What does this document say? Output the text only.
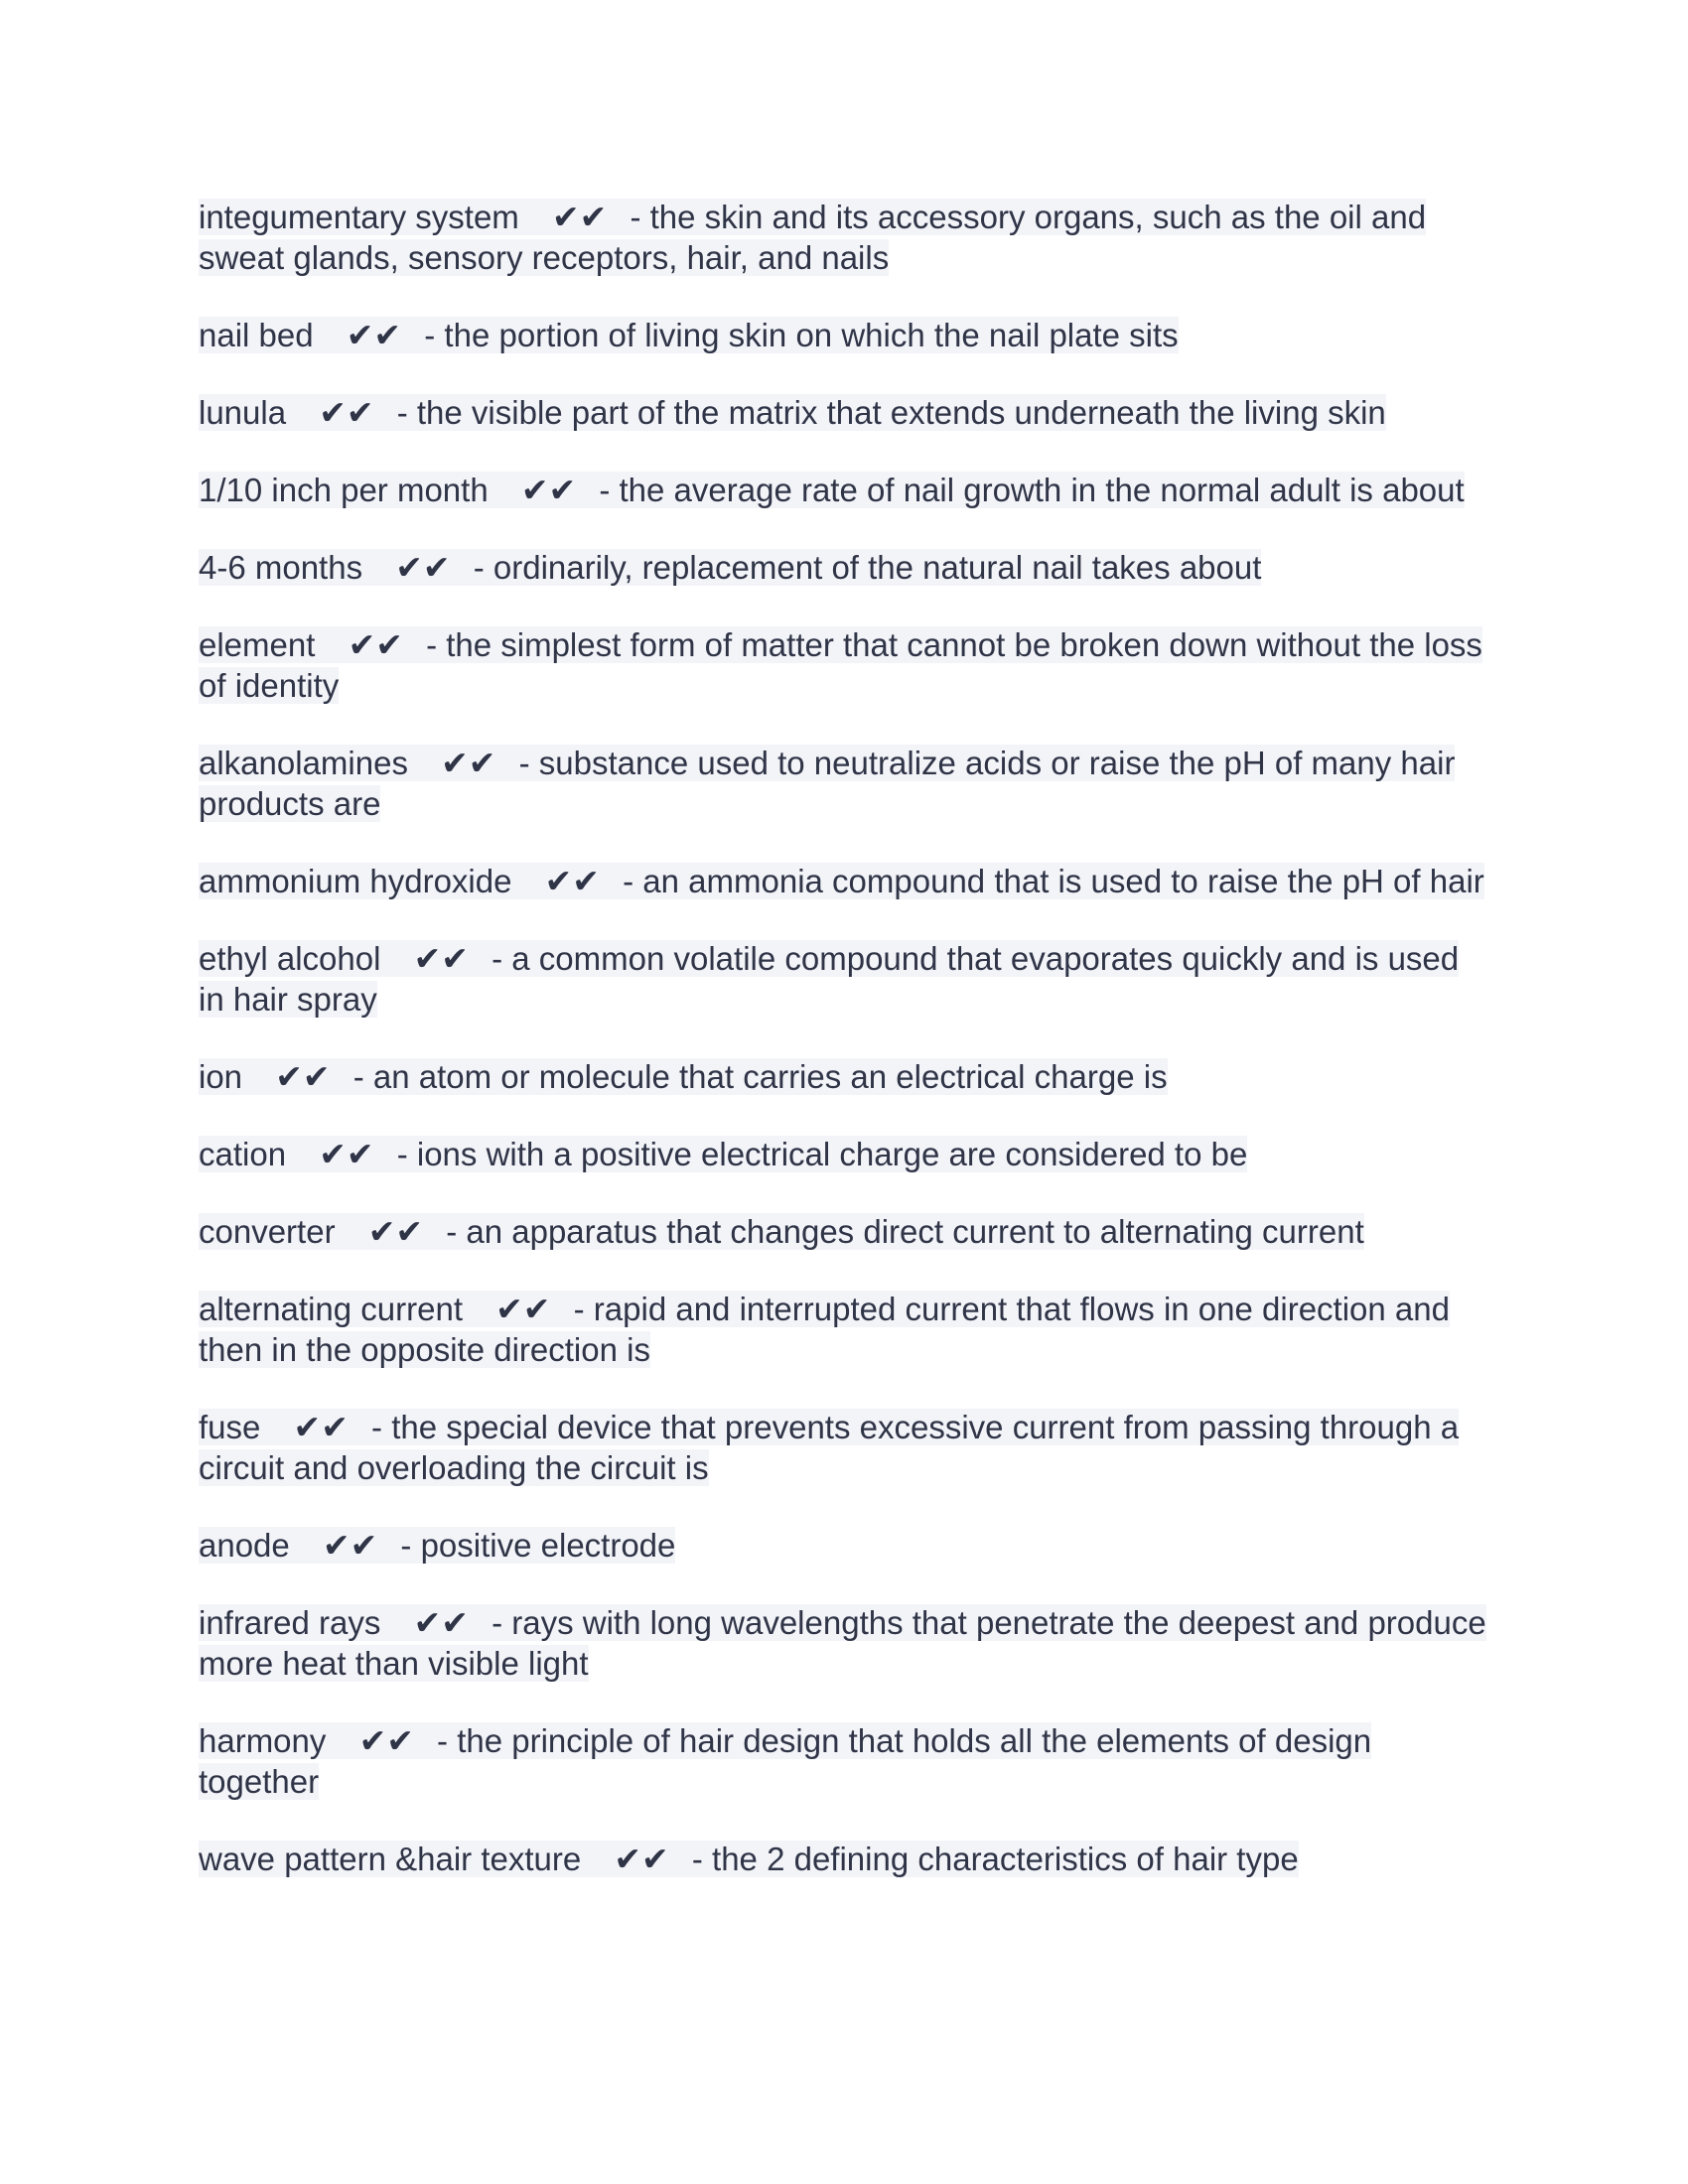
integumentary system ✔✔ - the skin and its accessory organs, such as the oil and sweat glands, sensory receptors, hair, and nails
nail bed ✔✔ - the portion of living skin on which the nail plate sits
lunula ✔✔ - the visible part of the matrix that extends underneath the living skin
1/10 inch per month ✔✔ - the average rate of nail growth in the normal adult is about
4-6 months ✔✔ - ordinarily, replacement of the natural nail takes about
element ✔✔ - the simplest form of matter that cannot be broken down without the loss of identity
alkanolamines ✔✔ - substance used to neutralize acids or raise the pH of many hair products are
ammonium hydroxide ✔✔ - an ammonia compound that is used to raise the pH of hair
ethyl alcohol ✔✔ - a common volatile compound that evaporates quickly and is used in hair spray
ion ✔✔ - an atom or molecule that carries an electrical charge is
cation ✔✔ - ions with a positive electrical charge are considered to be
converter ✔✔ - an apparatus that changes direct current to alternating current
alternating current ✔✔ - rapid and interrupted current that flows in one direction and then in the opposite direction is
fuse ✔✔ - the special device that prevents excessive current from passing through a circuit and overloading the circuit is
anode ✔✔ - positive electrode
infrared rays ✔✔ - rays with long wavelengths that penetrate the deepest and produce more heat than visible light
harmony ✔✔ - the principle of hair design that holds all the elements of design together
wave pattern &hair texture ✔✔ - the 2 defining characteristics of hair type
